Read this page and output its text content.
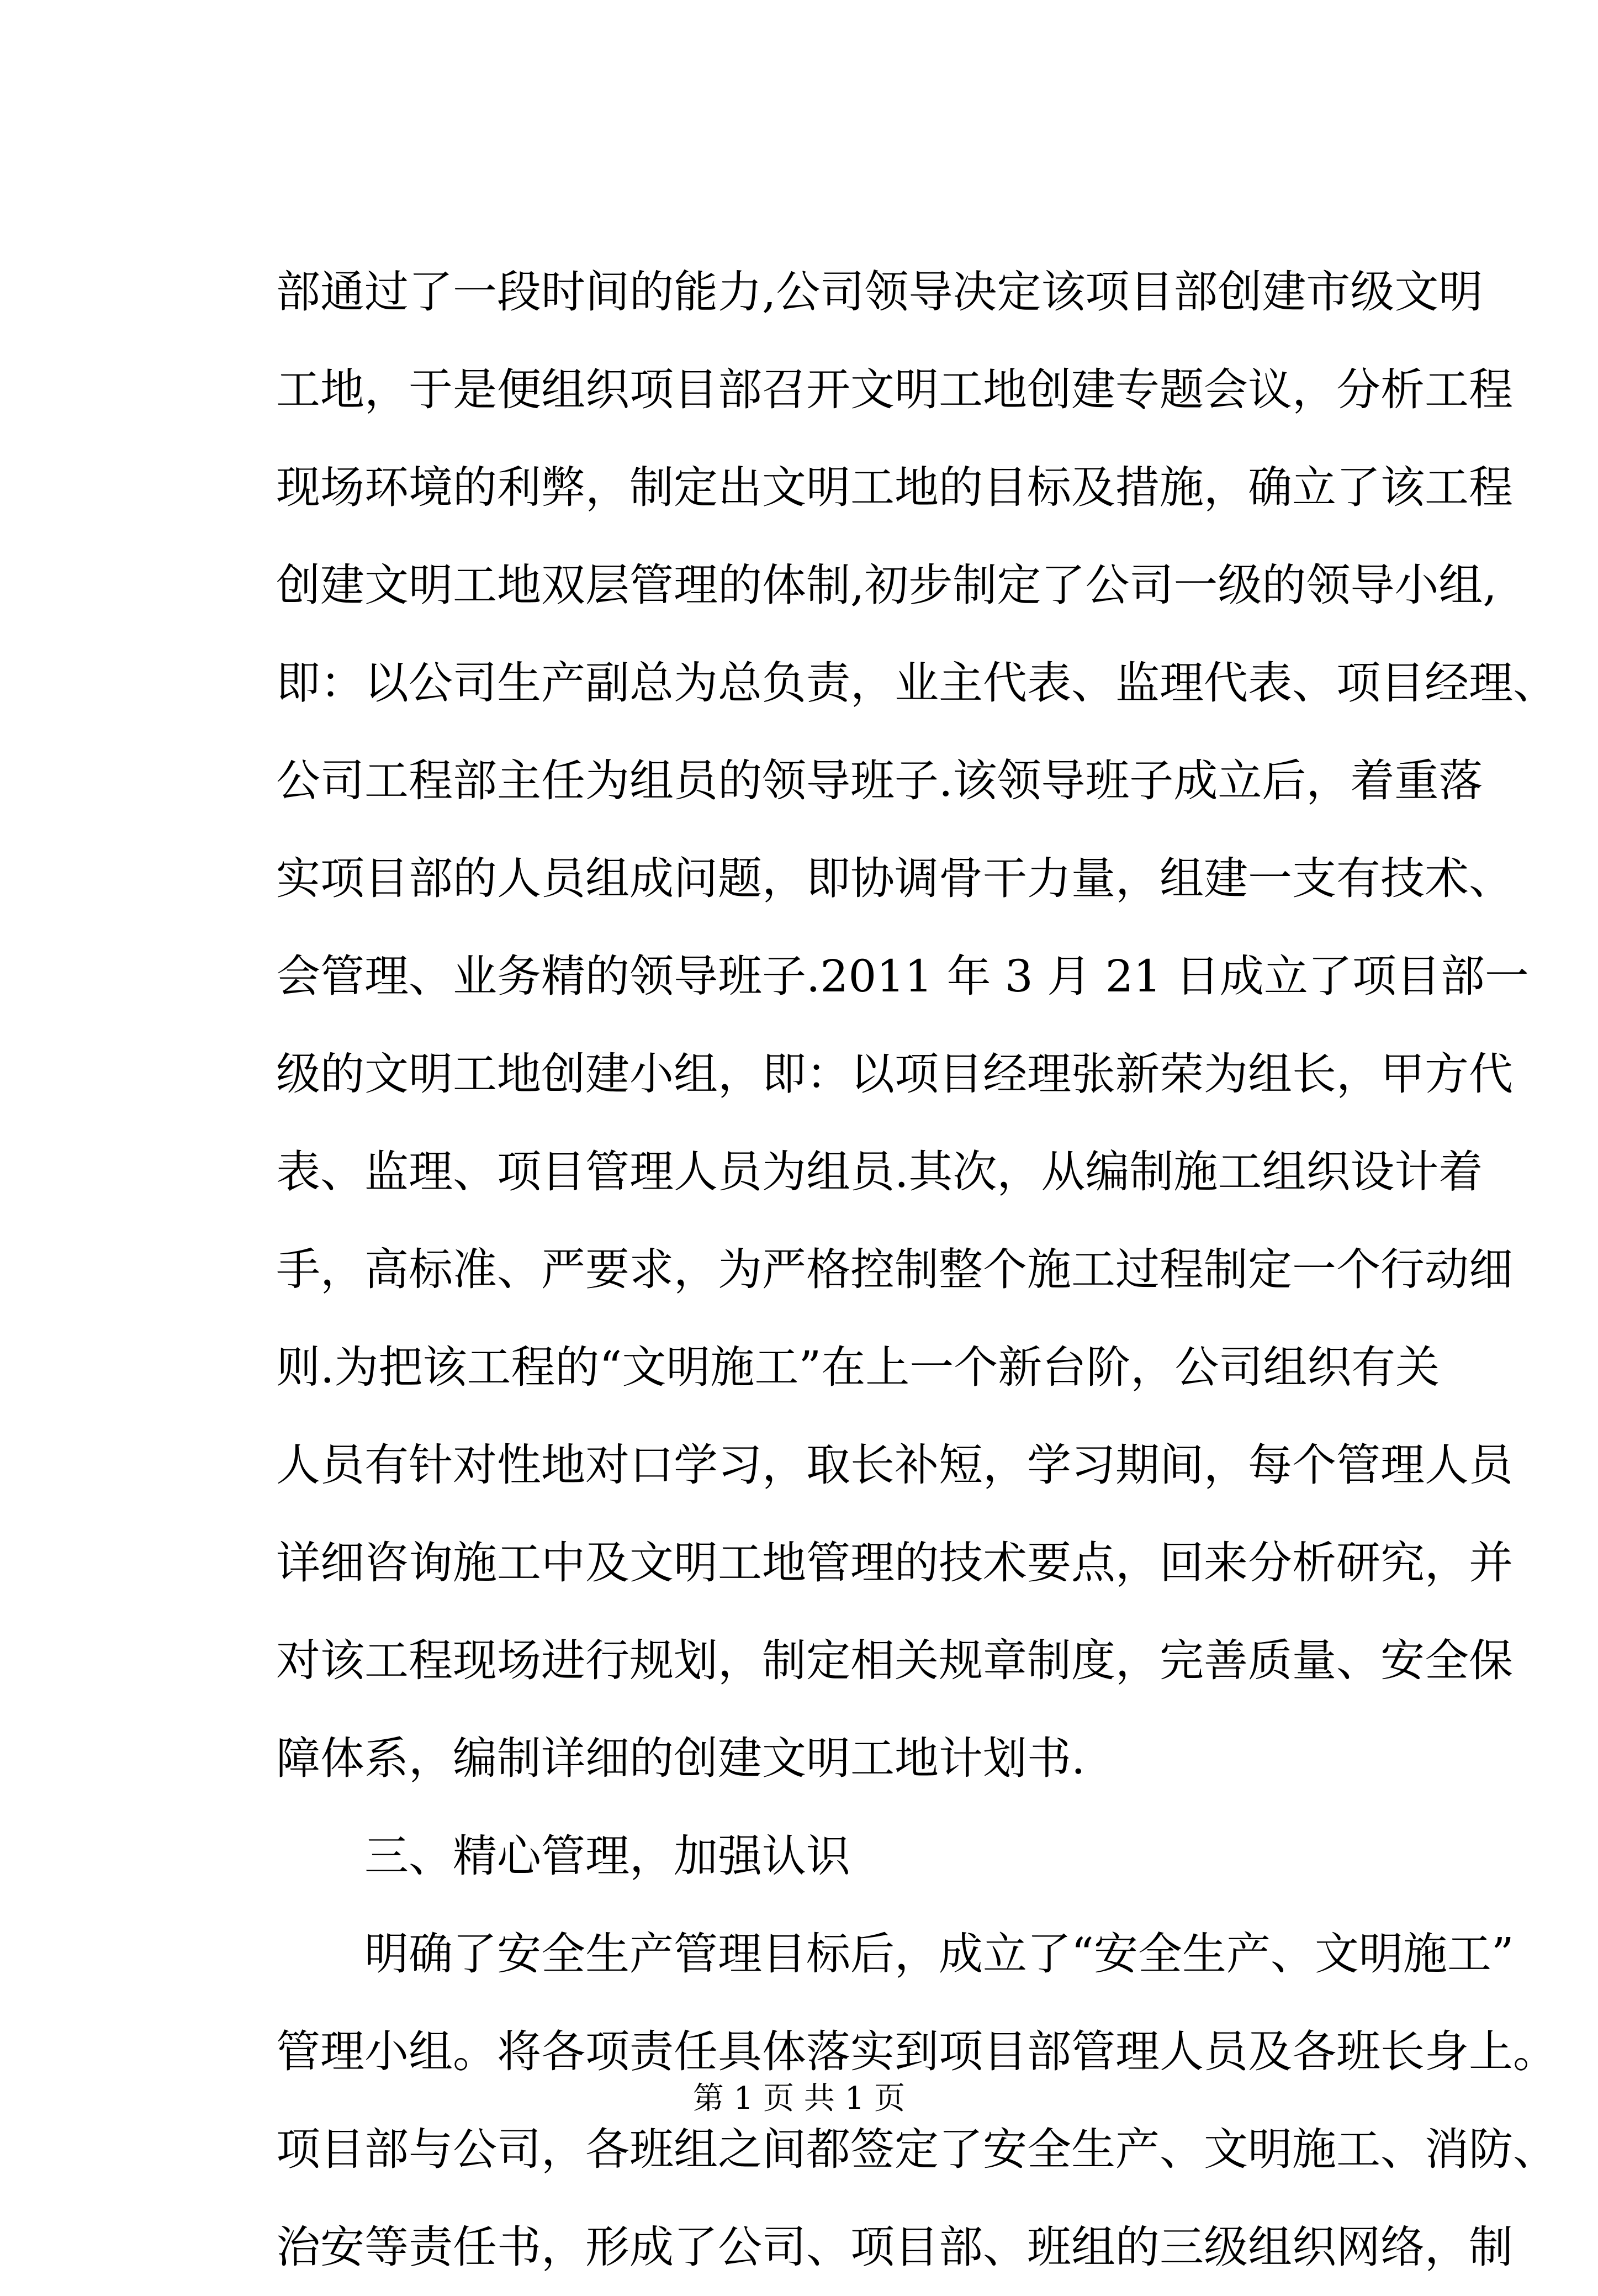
部通过了一段时间的能力,公司领导决定该项目部创建市级文明
工地，于是便组织项目部召开文明工地创建专题会议，分析工程
现场环境的利弊，制定出文明工地的目标及措施，确立了该工程
创建文明工地双层管理的体制,初步制定了公司一级的领导小组,
即：以公司生产副总为总负责，业主代表、监理代表、项目经理、
公司工程部主任为组员的领导班子.该领导班子成立后，着重落
实项目部的人员组成问题，即协调骨干力量，组建一支有技术、
会管理、业务精的领导班子.2011 年 3 月 21 日成立了项目部一
级的文明工地创建小组，即：以项目经理张新荣为组长，甲方代
表、监理、项目管理人员为组员.其次，从编制施工组织设计着
手，高标准、严要求，为严格控制整个施工过程制定一个行动细
则.为把该工程的“文明施工”在上一个新台阶，公司组织有关
人员有针对性地对口学习，取长补短，学习期间，每个管理人员
详细咨询施工中及文明工地管理的技术要点，回来分析研究，并
对该工程现场进行规划，制定相关规章制度，完善质量、安全保
障体系，编制详细的创建文明工地计划书.
三、精心管理，加强认识
明确了安全生产管理目标后，成立了“安全生产、文明施工”
管理小组。将各项责任具体落实到项目部管理人员及各班长身上。
项目部与公司，各班组之间都签定了安全生产、文明施工、消防、
治安等责任书，形成了公司、项目部、班组的三级组织网络，制
第 1 页 共 1 页
